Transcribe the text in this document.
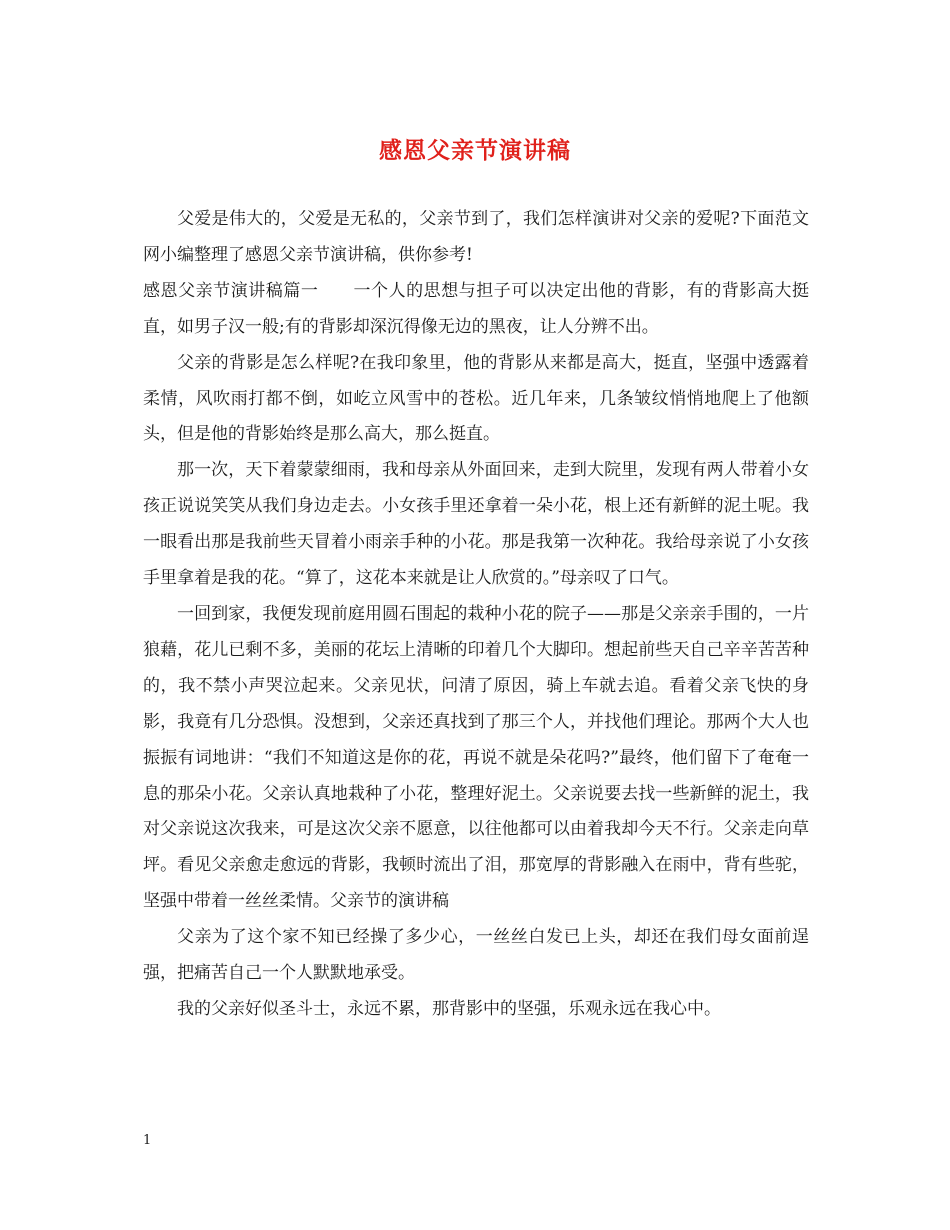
感恩父亲节演讲稿

父爱是伟大的，父爱是无私的，父亲节到了，我们怎样演讲对父亲的爱呢?下面范文网小编整理了感恩父亲节演讲稿，供你参考!

感恩父亲节演讲稿篇一　　一个人的思想与担子可以决定出他的背影，有的背影高大挺直，如男子汉一般;有的背影却深沉得像无边的黑夜，让人分辨不出。

父亲的背影是怎么样呢?在我印象里，他的背影从来都是高大，挺直，坚强中透露着柔情，风吹雨打都不倒，如屹立风雪中的苍松。近几年来，几条皱纹悄悄地爬上了他额头，但是他的背影始终是那么高大，那么挺直。

那一次，天下着蒙蒙细雨，我和母亲从外面回来，走到大院里，发现有两人带着小女孩正说说笑笑从我们身边走去。小女孩手里还拿着一朵小花，根上还有新鲜的泥土呢。我一眼看出那是我前些天冒着小雨亲手种的小花。那是我第一次种花。我给母亲说了小女孩手里拿着是我的花。“算了，这花本来就是让人欣赏的。”母亲叹了口气。

一回到家，我便发现前庭用圆石围起的栽种小花的院子——那是父亲亲手围的，一片狼藉，花儿已剩不多，美丽的花坛上清晰的印着几个大脚印。想起前些天自己辛辛苦苦种的，我不禁小声哭泣起来。父亲见状，问清了原因，骑上车就去追。看着父亲飞快的身影，我竟有几分恐惧。没想到，父亲还真找到了那三个人，并找他们理论。那两个大人也振振有词地讲：“我们不知道这是你的花，再说不就是朵花吗?”最终，他们留下了奄奄一息的那朵小花。父亲认真地栽种了小花，整理好泥土。父亲说要去找一些新鲜的泥土，我对父亲说这次我来，可是这次父亲不愿意，以往他都可以由着我却今天不行。父亲走向草坪。看见父亲愈走愈远的背影，我顿时流出了泪，那宽厚的背影融入在雨中，背有些驼，坚强中带着一丝丝柔情。父亲节的演讲稿

父亲为了这个家不知已经操了多少心，一丝丝白发已上头，却还在我们母女面前逞强，把痛苦自己一个人默默地承受。

我的父亲好似圣斗士，永远不累，那背影中的坚强，乐观永远在我心中。

1
